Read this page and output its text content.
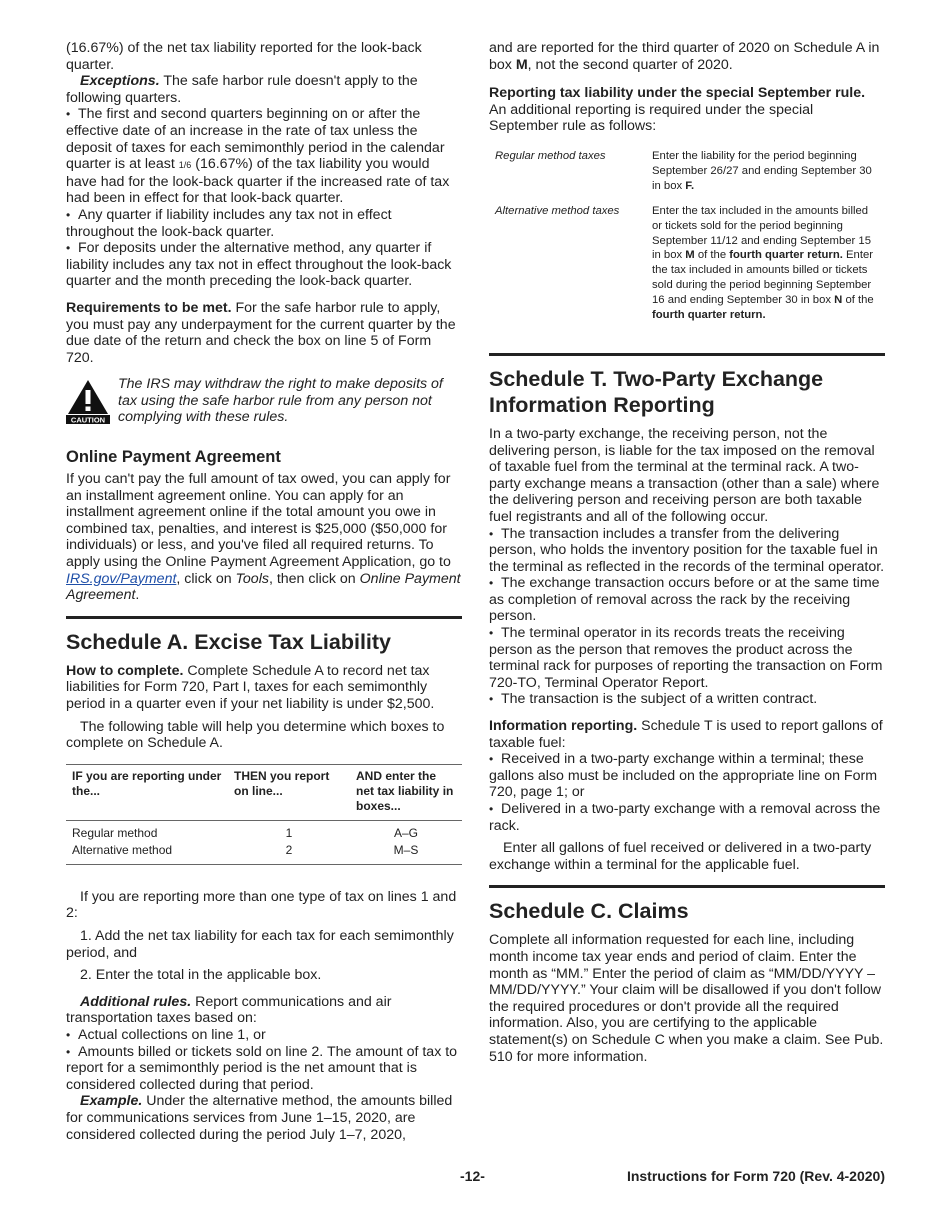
(16.67%) of the net tax liability reported for the look-back quarter.

Exceptions. The safe harbor rule doesn't apply to the following quarters.

• The first and second quarters beginning on or after the effective date of an increase in the rate of tax unless the deposit of taxes for each semimonthly period in the calendar quarter is at least 1/6 (16.67%) of the tax liability you would have had for the look-back quarter if the increased rate of tax had been in effect for that look-back quarter.

• Any quarter if liability includes any tax not in effect throughout the look-back quarter.

• For deposits under the alternative method, any quarter if liability includes any tax not in effect throughout the look-back quarter and the month preceding the look-back quarter.

Requirements to be met. For the safe harbor rule to apply, you must pay any underpayment for the current quarter by the due date of the return and check the box on line 5 of Form 720.

CAUTION
The IRS may withdraw the right to make deposits of tax using the safe harbor rule from any person not complying with these rules.
Online Payment Agreement

If you can't pay the full amount of tax owed, you can apply for an installment agreement online. You can apply for an installment agreement online if the total amount you owe in combined tax, penalties, and interest is $25,000 ($50,000 for individuals) or less, and you've filed all required returns. To apply using the Online Payment Agreement Application, go to IRS.gov/Payment, click on Tools, then click on Online Payment Agreement.

Schedule A. Excise Tax Liability

How to complete. Complete Schedule A to record net tax liabilities for Form 720, Part I, taxes for each semimonthly period in a quarter even if your net liability is under $2,500.

The following table will help you determine which boxes to complete on Schedule A.

IF you are reporting under the...	THEN you report on line...	AND enter the net tax liability in boxes...
Regular method	1	A–G
Alternative method	2	M–S

If you are reporting more than one type of tax on lines 1 and 2:

1. Add the net tax liability for each tax for each semimonthly period, and

2. Enter the total in the applicable box.

Additional rules. Report communications and air transportation taxes based on:

• Actual collections on line 1, or

• Amounts billed or tickets sold on line 2. The amount of tax to report for a semimonthly period is the net amount that is considered collected during that period.

Example. Under the alternative method, the amounts billed for communications services from June 1–15, 2020, are considered collected during the period July 1–7, 2020,

and are reported for the third quarter of 2020 on Schedule A in box M, not the second quarter of 2020.

Reporting tax liability under the special September rule. An additional reporting is required under the special September rule as follows:

Regular method taxes	Enter the liability for the period beginning September 26/27 and ending September 30 in box F.
Alternative method taxes	Enter the tax included in the amounts billed or tickets sold for the period beginning September 11/12 and ending September 15 in box M of the fourth quarter return. Enter the tax included in amounts billed or tickets sold during the period beginning September 16 and ending September 30 in box N of the fourth quarter return.
Schedule T. Two-Party Exchange Information Reporting

In a two-party exchange, the receiving person, not the delivering person, is liable for the tax imposed on the removal of taxable fuel from the terminal at the terminal rack. A two-party exchange means a transaction (other than a sale) where the delivering person and receiving person are both taxable fuel registrants and all of the following occur.

• The transaction includes a transfer from the delivering person, who holds the inventory position for the taxable fuel in the terminal as reflected in the records of the terminal operator.

• The exchange transaction occurs before or at the same time as completion of removal across the rack by the receiving person.

• The terminal operator in its records treats the receiving person as the person that removes the product across the terminal rack for purposes of reporting the transaction on Form 720-TO, Terminal Operator Report.

• The transaction is the subject of a written contract.

Information reporting. Schedule T is used to report gallons of taxable fuel:

• Received in a two-party exchange within a terminal; these gallons also must be included on the appropriate line on Form 720, page 1; or

• Delivered in a two-party exchange with a removal across the rack.

Enter all gallons of fuel received or delivered in a two-party exchange within a terminal for the applicable fuel.

Schedule C. Claims

Complete all information requested for each line, including month income tax year ends and period of claim. Enter the month as “MM.” Enter the period of claim as “MM/DD/YYYY – MM/DD/YYYY.” Your claim will be disallowed if you don't follow the required procedures or don't provide all the required information. Also, you are certifying to the applicable statement(s) on Schedule C when you make a claim. See Pub. 510 for more information.

-12-	Instructions for Form 720 (Rev. 4-2020)
